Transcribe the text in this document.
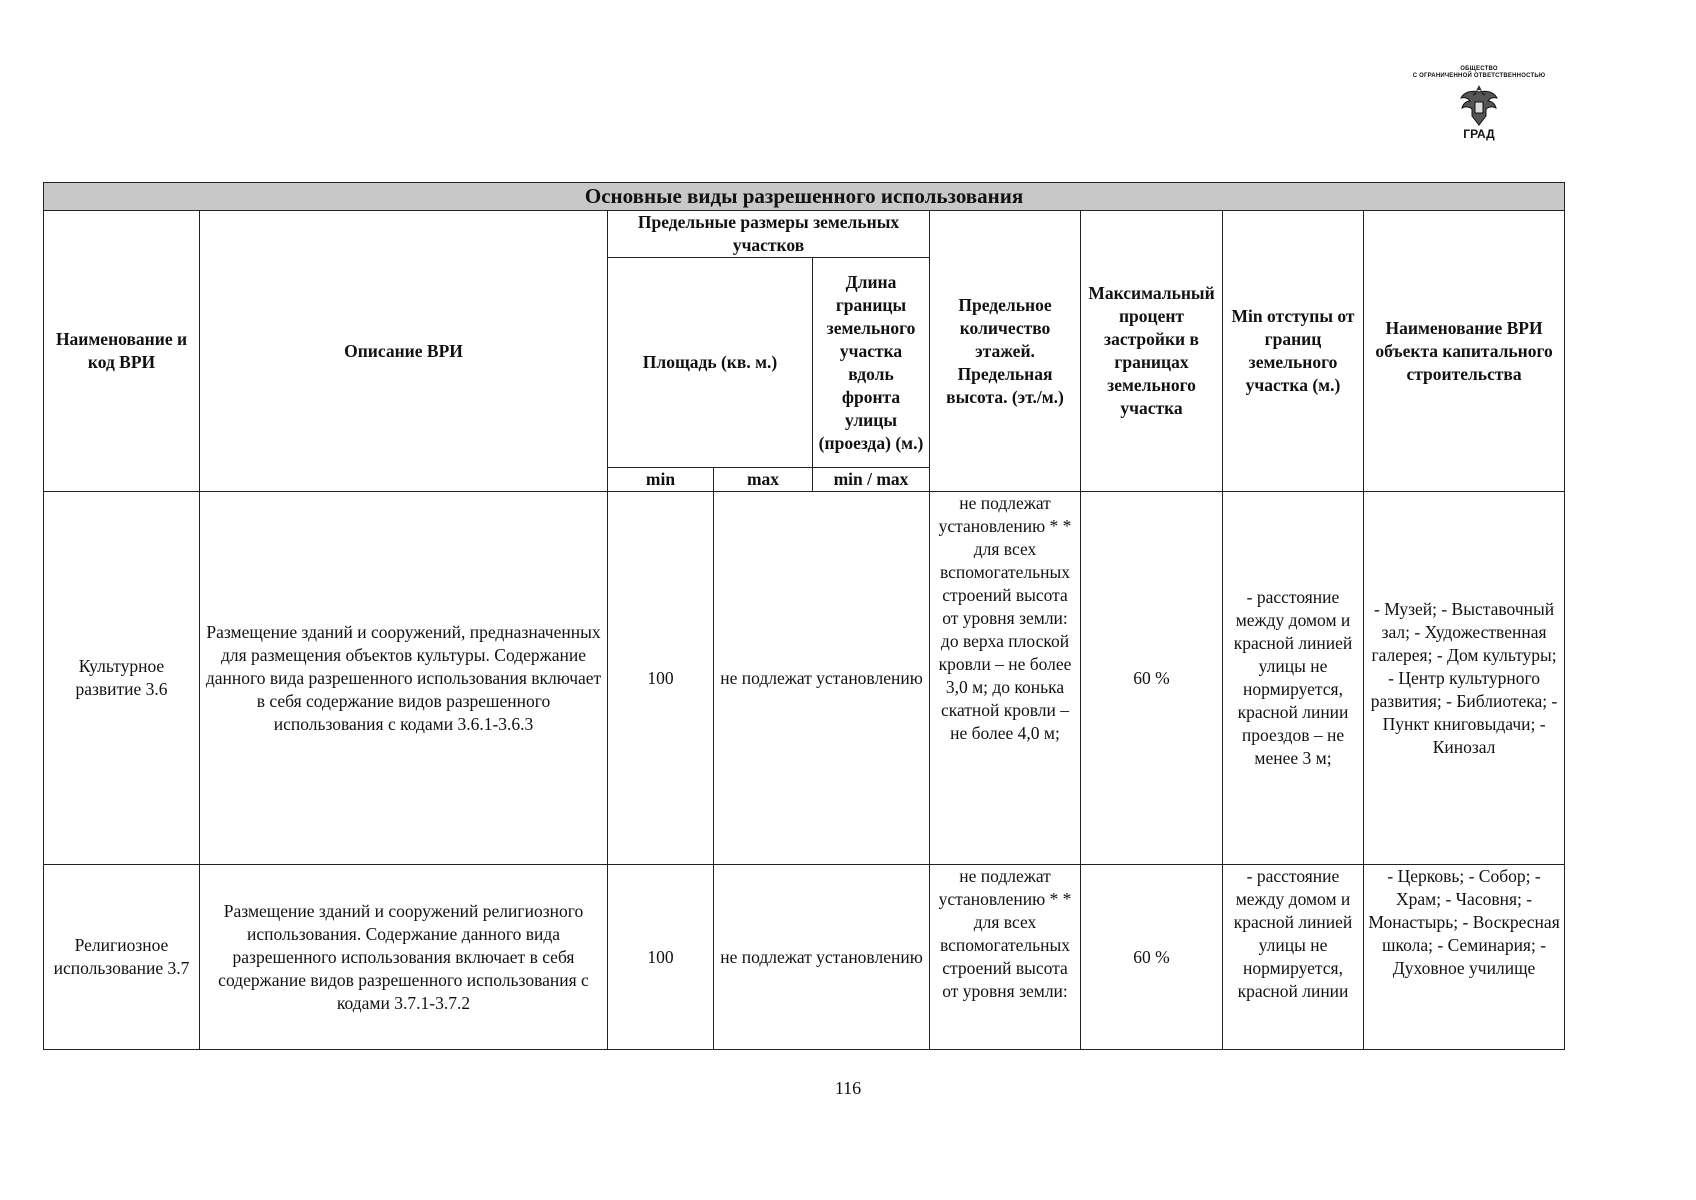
ОБЩЕСТВО
С ОГРАНИЧЕННОЙ ОТВЕТСТВЕННОСТЬЮ
ГРАД
Основные виды разрешенного использования								
Наименование и код ВРИ	Описание ВРИ	Предельные размеры земельных участков			Предельное количество этажей. Предельная высота. (эт./м.)	Максимальный процент застройки в границах земельного участка	Min отступы от границ земельного участка (м.)	Наименование ВРИ объекта капитального строительства
		Площадь (кв. м.)		Длина границы земельного участка вдоль фронта улицы (проезда) (м.)				
		min	max	min / max				
Культурное развитие 3.6	Размещение зданий и сооружений, предназначенных для размещения объектов культуры. Содержание данного вида разрешенного использования включает в себя содержание видов разрешенного использования с кодами 3.6.1-3.6.3	100	не подлежат установлению		не подлежат установлению * * для всех вспомогательных строений высота от уровня земли: до верха плоской кровли – не более 3,0 м; до конька скатной кровли – не более 4,0 м;	60 %	- расстояние между домом и красной линией улицы не нормируется, красной линии проездов – не менее 3 м;	- Музей; - Выставочный зал; - Художественная галерея; - Дом культуры; - Центр культурного развития; - Библиотека; - Пункт книговыдачи; - Кинозал
Религиозное использование 3.7	Размещение зданий и сооружений религиозного использования. Содержание данного вида разрешенного использования включает в себя содержание видов разрешенного использования с кодами 3.7.1-3.7.2	100	не подлежат установлению		не подлежат установлению * * для всех вспомогательных строений высота от уровня земли:	60 %	- расстояние между домом и красной линией улицы не нормируется, красной линии	- Церковь; - Собор; - Храм; - Часовня; - Монастырь; - Воскресная школа; - Семинария; - Духовное училище
116
